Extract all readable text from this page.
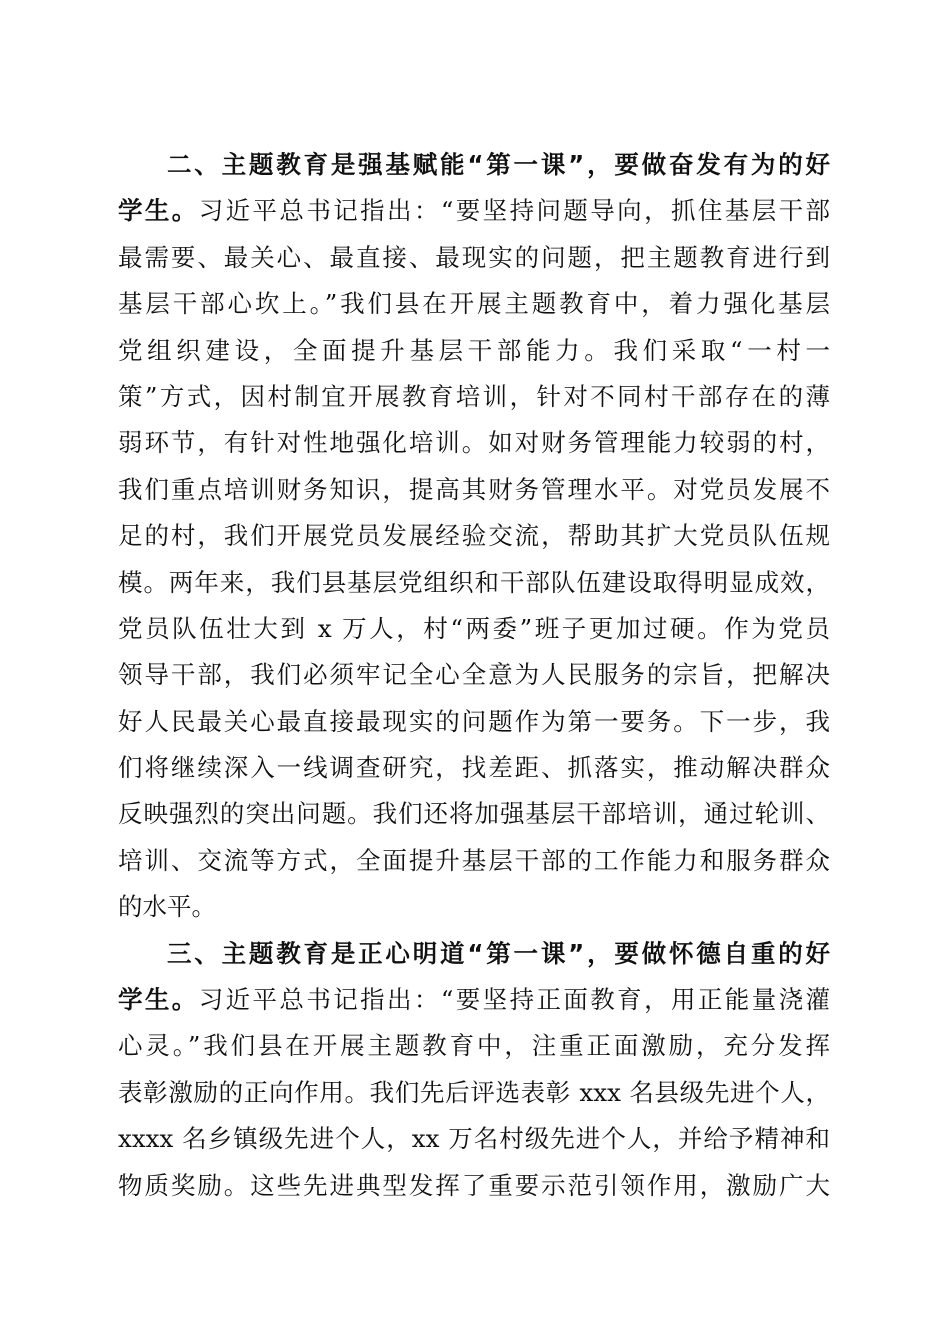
二、主题教育是强基赋能“第一课”，要做奋发有为的好
学生。习近平总书记指出：“要坚持问题导向，抓住基层干部
最需要、最关心、最直接、最现实的问题，把主题教育进行到
基层干部心坎上。”我们县在开展主题教育中，着力强化基层
党组织建设，全面提升基层干部能力。我们采取“一村一
策”方式，因村制宜开展教育培训，针对不同村干部存在的薄
弱环节，有针对性地强化培训。如对财务管理能力较弱的村，
我们重点培训财务知识，提高其财务管理水平。对党员发展不
足的村，我们开展党员发展经验交流，帮助其扩大党员队伍规
模。两年来，我们县基层党组织和干部队伍建设取得明显成效，
党员队伍壮大到 x 万人，村“两委”班子更加过硬。作为党员
领导干部，我们必须牢记全心全意为人民服务的宗旨，把解决
好人民最关心最直接最现实的问题作为第一要务。下一步，我
们将继续深入一线调查研究，找差距、抓落实，推动解决群众
反映强烈的突出问题。我们还将加强基层干部培训，通过轮训、
培训、交流等方式，全面提升基层干部的工作能力和服务群众
的水平。
三、主题教育是正心明道“第一课”，要做怀德自重的好
学生。习近平总书记指出：“要坚持正面教育，用正能量浇灌
心灵。”我们县在开展主题教育中，注重正面激励，充分发挥
表彰激励的正向作用。我们先后评选表彰 xxx 名县级先进个人，
xxxx 名乡镇级先进个人，xx 万名村级先进个人，并给予精神和
物质奖励。这些先进典型发挥了重要示范引领作用，激励广大
